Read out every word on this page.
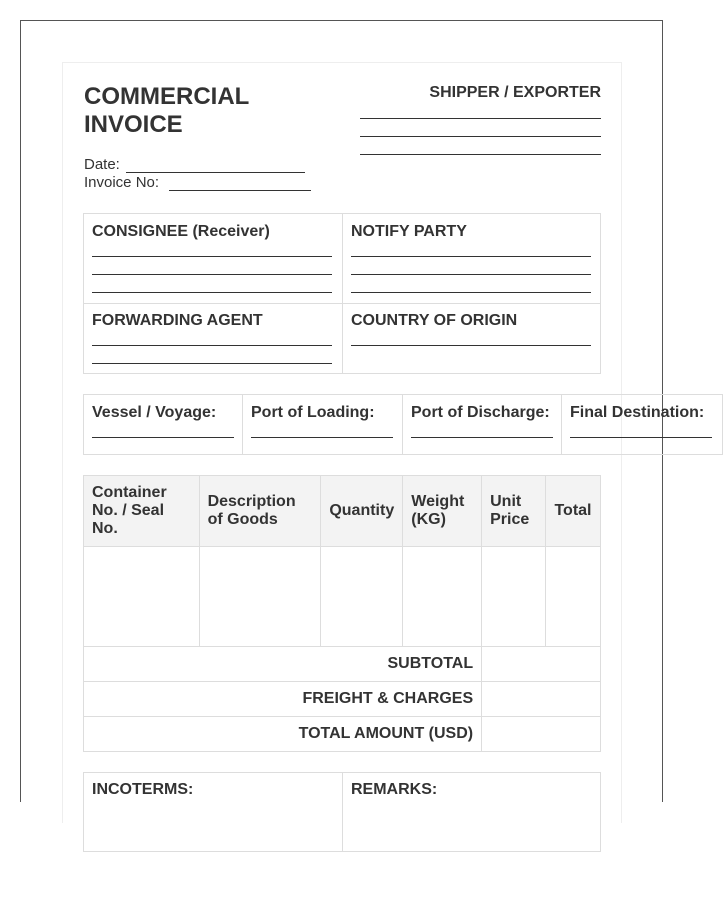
COMMERCIAL
INVOICE
SHIPPER / EXPORTER
Date:
Invoice No:
CONSIGNEE (Receiver)	NOTIFY PARTY
FORWARDING AGENT	COUNTRY OF ORIGIN
Vessel / Voyage: Port of Loading: Port of Discharge: Final Destination:
Container No. / Seal No.	Description of Goods	Quantity	Weight (KG)	Unit Price	Total

SUBTOTAL					
FREIGHT & CHARGES					
TOTAL AMOUNT (USD)					
INCOTERMS:	REMARKS:
